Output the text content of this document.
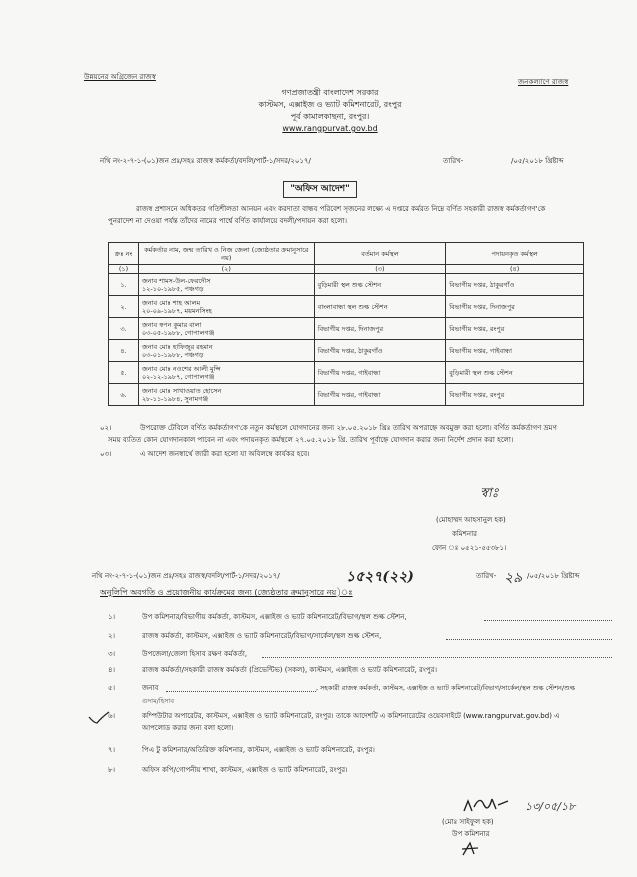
উন্নয়নের অগ্রিজেন রাজস্ব
জনকল্যাণে রাজস্ব
গণপ্রজাতন্ত্রী বাংলাদেশ সরকার
কাস্টমস, এক্সাইজ ও ভ্যাট কমিশনারেট, রংপুর
পূর্ব কামালকাছনা, রংপুর।
www.rangpurvat.gov.bd
নথি নং-২-৭-১-(০১)জন প্রঃ/সহঃ রাজস্ব কর্মকর্তা/বদলি/পার্ট-১/সদর/২০১৭/	তারিখ-	/০৫/২০১৮ খ্রিষ্টাব্দ
"অফিস আদেশ"
রাজস্ব প্রশাসনে অধিকতর গতিশীলতা আনয়ন এবং করদাতা বান্ধব পরিবেশ সৃজনের লক্ষ্যে এ দপ্তরে কর্মরত নিম্নে বর্ণিত সহকারী রাজস্ব কর্মকর্তাগণ'কে
পুনরাদেশ না দেওয়া পর্যন্ত তাঁদের নামের পার্শ্বে বর্ণিত কার্যালয়ে বদলী/পদায়ন করা হলো।
ক্রঃ নং	কর্মকর্তার নাম, জন্ম তারিখ ও নিজ জেলা (জ্যেষ্ঠতার ক্রমানুসারে নয়)	বর্তমান কর্মস্থল	পদায়নকৃত কর্মস্থল
(১)	(২)	(৩)	(৪)
১.	জনাব শামস-উল-ফেরদৌস
১২-১০-১৯৮৫, পঞ্চগড়	বুড়িমারী স্থল শুল্ক স্টেশন	বিভাগীয় দপ্তর, ঠাকুরগাঁও
২.	জনাব মোঃ শাহ আলম
২০-০৯-১৯৮৭, ময়মনসিংহ	বাংলাবান্ধা স্থল শুল্ক স্টেশন	বিভাগীয় দপ্তর, দিনাজপুর
৩.	জনাব স্বপন কুমার বালা
০৩-০৫-১৯৮৮, গোপালগঞ্জ	বিভাগীয় দপ্তর, দিনাজপুর	বিভাগীয় দপ্তর, রংপুর
৪.	জনাব মোঃ হাফিজুর রহমান
০৩-০১-১৯৮৮, পঞ্চগড়	বিভাগীয় দপ্তর, ঠাকুরগাঁও	বিভাগীয় দপ্তর, গাইবান্ধা
৫.	জনাব মোঃ নওশের আলী মুন্সি
০২-১২-১৯৮৭, গোপালগঞ্জ	বিভাগীয় দপ্তর, গাইবান্ধা	বুড়িমারী স্থল শুল্ক স্টেশন
৬.	জনাব মোঃ সাখাওয়াত হোসেন
২৮-১১-১৯৮৪, সুনামগঞ্জ	বিভাগীয় দপ্তর, গাইবান্ধা	বিভাগীয় দপ্তর, রংপুর
০২।	উপরোক্ত টেবিলে বর্ণিত কর্মকর্তাগণ'কে নতুন কর্মস্থলে যোগদানের জন্য ২৮.০৫.২০১৮ খ্রিঃ তারিখ অপরাহ্নে অবমুক্ত করা হলো। বর্ণিত কর্মকর্তাগণ ভ্রমণ
সময় ব্যতিত কোন যোগদানকাল পাবেন না এবং পদায়নকৃত কর্মস্থলে ২৭.০৫.২০১৮ খ্রি. তারিখ পূর্বাহ্নে যোগদান করার জন্য নির্দেশ প্রদান করা হলো।
০৩।	এ আদেশ জনস্বার্থে জারী করা হলো যা অবিলম্বে কার্যকর হবে।
স্বাঃ
(মোহাম্মদ আহসানুল হক)
কমিশনার
ফোন ঃ ০৫২১-৫৫৩৮১।
নথি নং-২-৭-১-(০১)জন প্রঃ/সহঃ রাজস্ব/বদলি/পার্ট-১/সদর/২০১৭/	১৫২৭(২২)	তারিখ- ২৯ /০৫/২০১৮ খ্রিষ্টাব্দ
অনুলিপি অবগতি ও প্রয়োজনীয় কার্যক্রমের জন্য (জ্যেষ্ঠতার ক্রমানুসারে নয়)ঃ
১।	উপ কমিশনার/বিভাগীয় কর্মকর্তা, কাস্টমস, এক্সাইজ ও ভ্যাট কমিশনারেট/বিভাগ/স্থল শুল্ক স্টেশন,
২।	রাজস্ব কর্মকর্তা, কাস্টমস, এক্সাইজ ও ভ্যাট কমিশনারেট/বিভাগ/সার্কেল/স্থল শুল্ক স্টেশন,
৩।	উপজেলা/জেলা হিসাব রক্ষণ কর্মকর্তা,
৪।	রাজস্ব কর্মকর্তা/সহকারী রাজস্ব কর্মকর্তা (প্রিভেন্টিভ) (সকল), কাস্টমস, এক্সাইজ ও ভ্যাট কমিশনারেট, রংপুর।
৫।	জনাব	, সহকারী রাজস্ব কর্মকর্তা, কাস্টমস, এক্সাইজ ও ভ্যাট কমিশনারেট/বিভাগ/সার্কেল/স্থল শুল্ক স্টেশন/শুল্ক
গুদাম/হিসাব
৬।	কম্পিউটার অপারেটর, কাস্টমস, এক্সাইজ ও ভ্যাট কমিশনারেট, রংপুর। তাকে আদেশটি এ কমিশনারেটের ওয়েবসাইটে (www.rangpurvat.gov.bd) এ
আপলোড করার জন্য বলা হলো।
৭।	পিএ টু কমিশনার/অতিরিক্ত কমিশনার, কাস্টমস, এক্সাইজ ও ভ্যাট কমিশনারেট, রংপুর।
৮।	অফিস কপি/গোপনীয় শাখা, কাস্টমস, এক্সাইজ ও ভ্যাট কমিশনারেট, রংপুর।
১৩/০৫/১৮
(মোঃ সাইফুল হক)
উপ কমিশনার
